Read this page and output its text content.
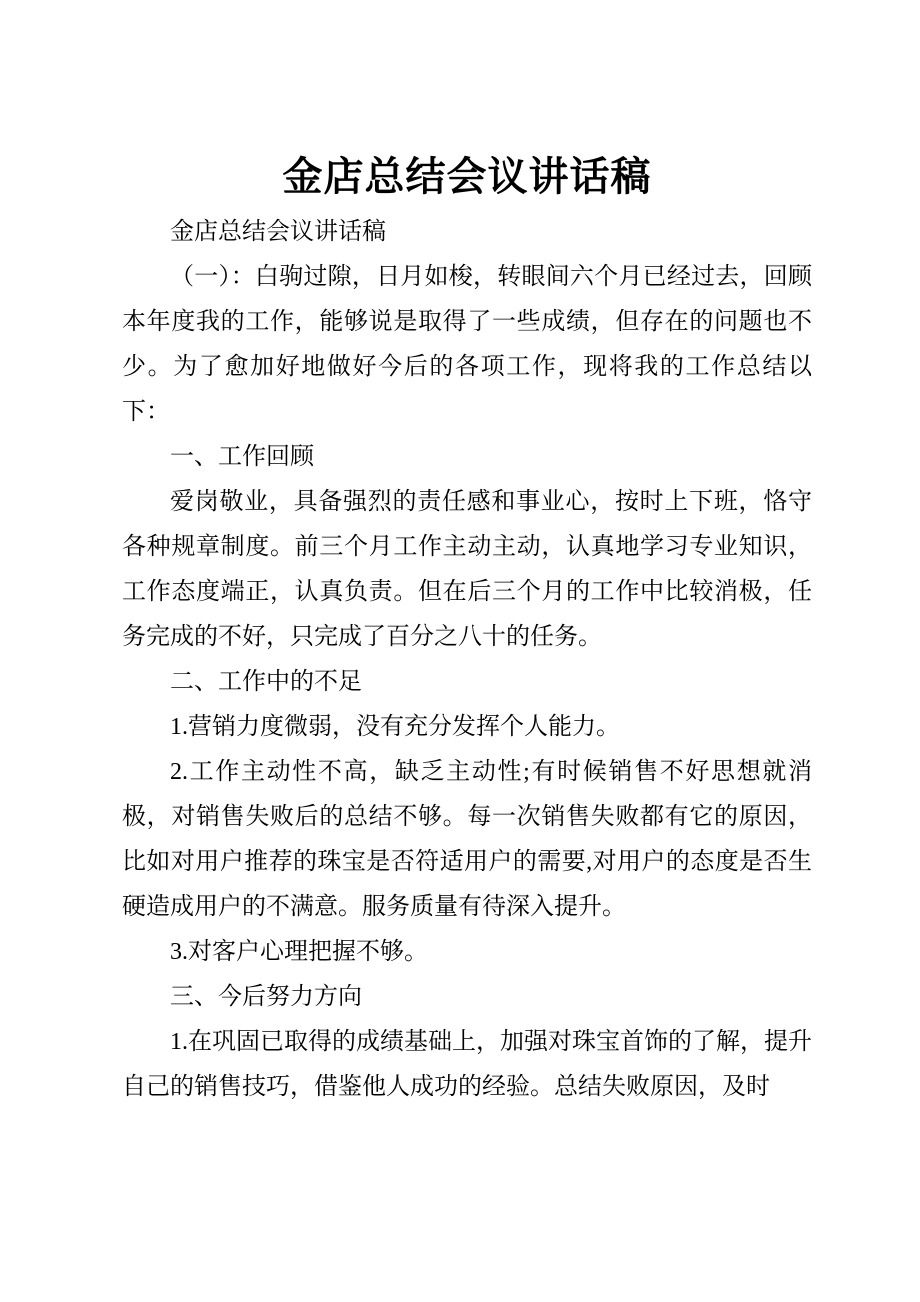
金店总结会议讲话稿

金店总结会议讲话稿

（一）：白驹过隙，日月如梭，转眼间六个月已经过去，回顾本年度我的工作，能够说是取得了一些成绩，但存在的问题也不少。为了愈加好地做好今后的各项工作，现将我的工作总结以下：

一、工作回顾

爱岗敬业，具备强烈的责任感和事业心，按时上下班，恪守各种规章制度。前三个月工作主动主动，认真地学习专业知识，工作态度端正，认真负责。但在后三个月的工作中比较消极，任务完成的不好，只完成了百分之八十的任务。

二、工作中的不足

1.营销力度微弱，没有充分发挥个人能力。

2.工作主动性不高，缺乏主动性;有时候销售不好思想就消极，对销售失败后的总结不够。每一次销售失败都有它的原因，比如对用户推荐的珠宝是否符适用户的需要,对用户的态度是否生硬造成用户的不满意。服务质量有待深入提升。

3.对客户心理把握不够。

三、今后努力方向

1.在巩固已取得的成绩基础上，加强对珠宝首饰的了解，提升自己的销售技巧，借鉴他人成功的经验。总结失败原因，及时
